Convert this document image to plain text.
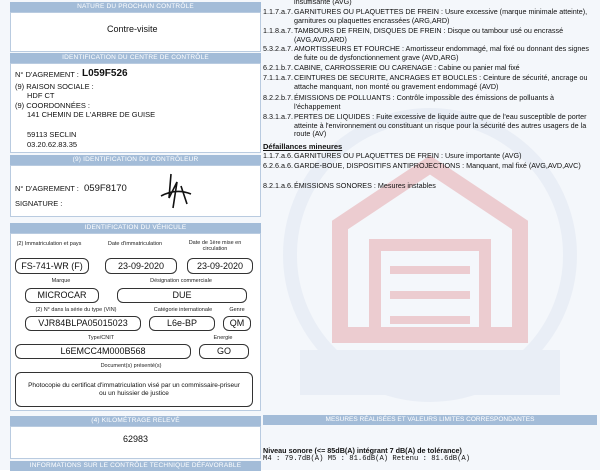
NATURE DU PROCHAIN CONTRÔLE
Contre-visite
IDENTIFICATION DU CENTRE DE CONTRÔLE
N° D'AGREMENT : L059F526
(9) RAISON SOCIALE :
HDF CT
(9) COORDONNÉES :
141 CHEMIN DE L'ARBRE DE GUISE
59113 SECLIN
03.20.62.83.35
(9) IDENTIFICATION DU CONTRÔLEUR
N° D'AGREMENT : 059F8170
SIGNATURE :
IDENTIFICATION DU VÉHICULE
(2) Immatriculation et pays	Date d'immatriculation	Date de 1ère mise en circulation
FS-741-WR (F)	23-09-2020	23-09-2020
Marque	Désignation commerciale
MICROCAR	DUE
(2) N° dans la série du type (VIN)	Catégorie internationale	Genre
VJR84BLPA05015023	L6e-BP	QM
Type/CNIT	Energie
L6EMCC4M000B568	GO
Document(s) présenté(s)
Photocopie du certificat d'immatriculation visé par un commissaire-priseur ou un huissier de justice
(4) KILOMÉTRAGE RELEVÉ
62983
INFORMATIONS SUR LE CONTRÔLE TECHNIQUE DÉFAVORABLE
insuffisante (AVG)
1.1.7.a.7. GARNITURES OU PLAQUETTES DE FREIN : Usure excessive (marque minimale atteinte), garnitures ou plaquettes encrassées (ARG,ARD)
1.1.8.a.7. TAMBOURS DE FREIN, DISQUES DE FREIN : Disque ou tambour usé ou encrassé (AVG,AVD,ARD)
5.3.2.a.7. AMORTISSEURS ET FOURCHE : Amortisseur endommagé, mal fixé ou donnant des signes de fuite ou de dysfonctionnement grave (AVD,ARG)
6.2.1.b.7. CABINE, CARROSSERIE OU CARENAGE : Cabine ou panier mal fixé
7.1.1.a.7. CEINTURES DE SECURITE, ANCRAGES ET BOUCLES : Ceinture de sécurité, ancrage ou attache manquant, non monté ou gravement endommagé (AVD)
8.2.2.b.7. ÉMISSIONS DE POLLUANTS : Contrôle impossible des émissions de polluants à l'échappement
8.3.1.a.7. PERTES DE LIQUIDES : Fuite excessive de liquide autre que de l'eau susceptible de porter atteinte à l'environnement ou constituant un risque pour la sécurité des autres usagers de la route (AV)
Défaillances mineures
1.1.7.a.6. GARNITURES OU PLAQUETTES DE FREIN : Usure importante (AVG)
6.2.6.a.6. GARDE-BOUE, DISPOSITIFS ANTIPROJECTIONS : Manquant, mal fixé (AVG,AVD,AVC)
8.2.1.a.6. ÉMISSIONS SONORES : Mesures instables
MESURES RÉALISÉES ET VALEURS LIMITES CORRESPONDANTES
Niveau sonore (<= 85dB(A) intégrant 7 dB(A) de tolérance)
M4 : 79.7dB(A) M5 : 81.6dB(A) Retenu : 81.6dB(A)
